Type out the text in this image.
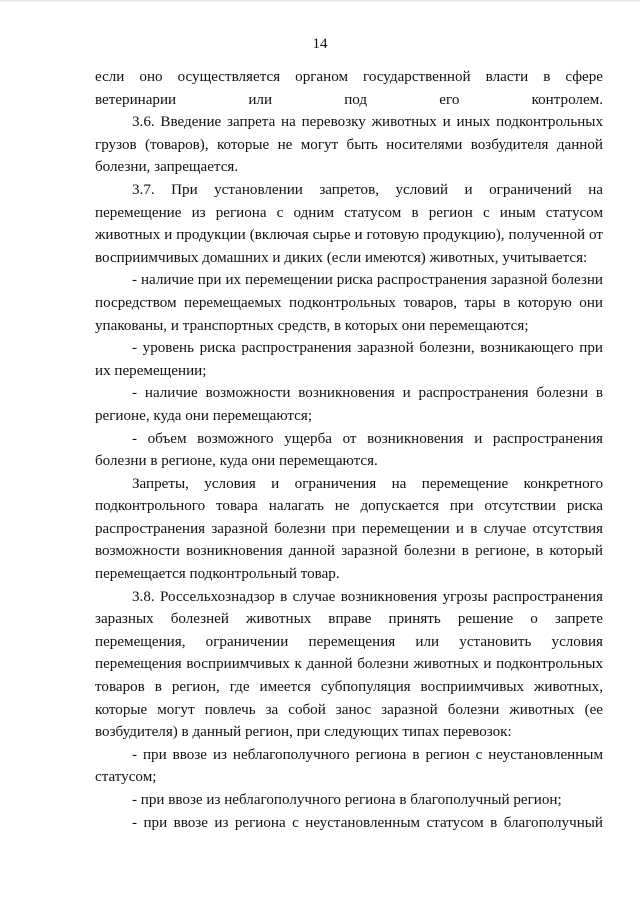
14

если оно осуществляется органом государственной власти в сфере ветеринарии или под его контролем.

3.6. Введение запрета на перевозку животных и иных подконтрольных грузов (товаров), которые не могут быть носителями возбудителя данной болезни, запрещается.

3.7. При установлении запретов, условий и ограничений на перемещение из региона с одним статусом в регион с иным статусом животных и продукции (включая сырье и готовую продукцию), полученной от восприимчивых домашних и диких (если имеются) животных, учитывается:

- наличие при их перемещении риска распространения заразной болезни посредством перемещаемых подконтрольных товаров, тары в которую они упакованы, и транспортных средств, в которых они перемещаются;

- уровень риска распространения заразной болезни, возникающего при их перемещении;

- наличие возможности возникновения и распространения болезни в регионе, куда они перемещаются;

- объем возможного ущерба от возникновения и распространения болезни в регионе, куда они перемещаются.

Запреты, условия и ограничения на перемещение конкретного подконтрольного товара налагать не допускается при отсутствии риска распространения заразной болезни при перемещении и в случае отсутствия возможности возникновения данной заразной болезни в регионе, в который перемещается подконтрольный товар.

3.8. Россельхознадзор в случае возникновения угрозы распространения заразных болезней животных вправе принять решение о запрете перемещения, ограничении перемещения или установить условия перемещения восприимчивых к данной болезни животных и подконтрольных товаров в регион, где имеется субпопуляция восприимчивых животных, которые могут повлечь за собой занос заразной болезни животных (ее возбудителя) в данный регион, при следующих типах перевозок:

- при ввозе из неблагополучного региона в регион с неустановленным статусом;

- при ввозе из неблагополучного региона в благополучный регион;

- при ввозе из региона с неустановленным статусом в благополучный
